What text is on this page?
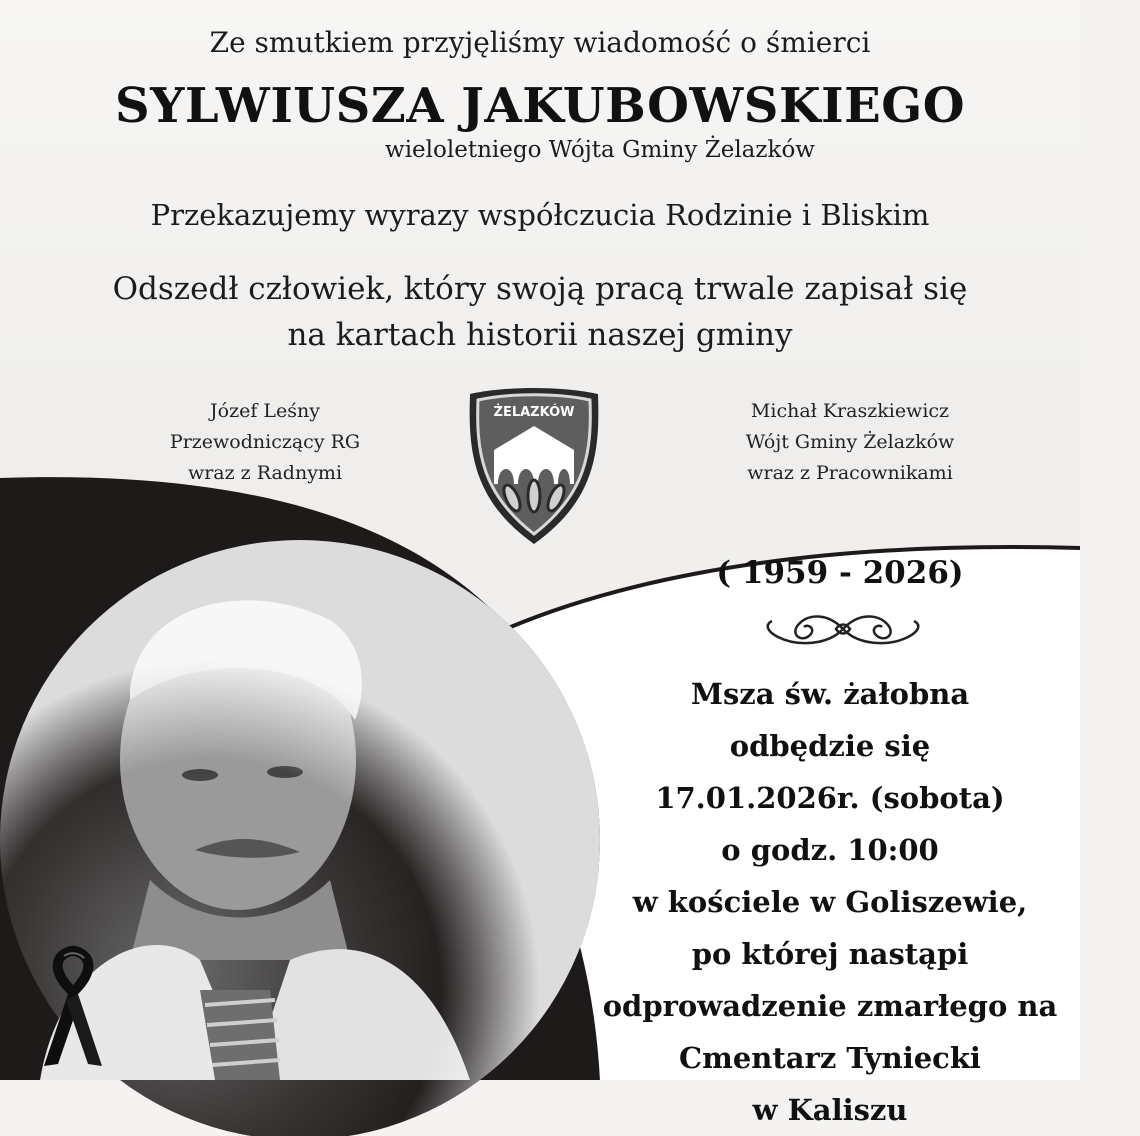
Ze smutkiem przyjęliśmy wiadomość o śmierci
SYLWIUSZA JAKUBOWSKIEGO
wieloletniego Wójta Gminy Żelazków
Przekazujemy wyrazy współczucia Rodzinie i Bliskim
Odszedł człowiek, który swoją pracą trwale zapisał się
na kartach historii naszej gminy
Józef Leśny
Przewodniczący RG
wraz z Radnymi
ŻELAZKÓW	Michał Kraszkiewicz
Wójt Gminy Żelazków
wraz z Pracownikami
( 1959 - 2026)
Msza św. żałobna
odbędzie się
17.01.2026r. (sobota)
o godz. 10:00
w kościele w Goliszewie,
po której nastąpi
odprowadzenie zmarłego na
Cmentarz Tyniecki
w Kaliszu
